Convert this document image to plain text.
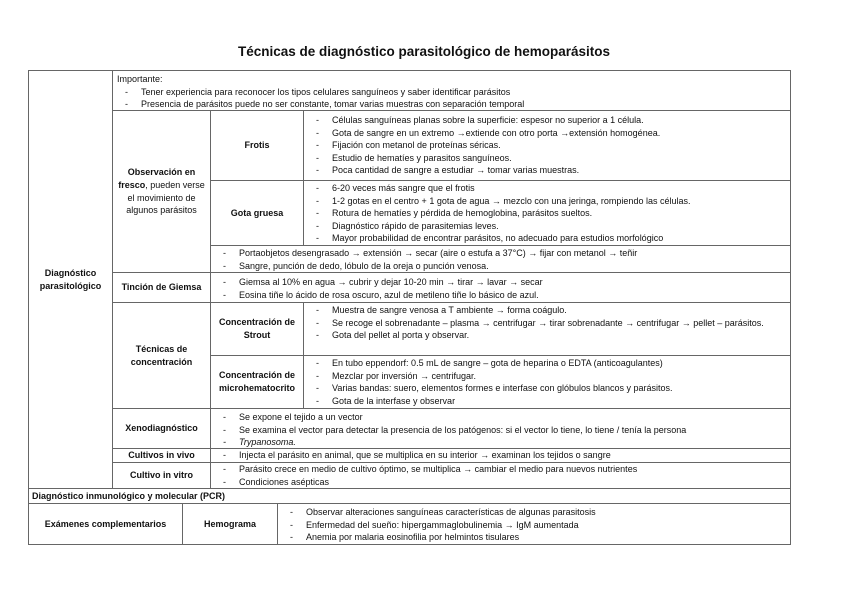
Técnicas de diagnóstico parasitológico de hemoparásitos
Diagnóstico parasitológico
Importante:
- Tener experiencia para reconocer los tipos celulares sanguíneos y saber identificar parásitos
- Presencia de parásitos puede no ser constante, tomar varias muestras con separación temporal
Observación en fresco, pueden verse el movimiento de algunos parásitos
Frotis
- Células sanguíneas planas sobre la superficie: espesor no superior a 1 célula.
- Gota de sangre en un extremo →extiende con otro porta →extensión homogénea.
- Fijación con metanol de proteínas séricas.
- Estudio de hematíes y parasitos sanguíneos.
- Poca cantidad de sangre a estudiar → tomar varias muestras.
Gota gruesa
- 6-20 veces más sangre que el frotis
- 1-2 gotas en el centro + 1 gota de agua → mezclo con una jeringa, rompiendo las células.
- Rotura de hematíes y pérdida de hemoglobina, parásitos sueltos.
- Diagnóstico rápido de parasitemias leves.
- Mayor probabilidad de encontrar parásitos, no adecuado para estudios morfológico
- Portaobjetos desengrasado → extensión → secar (aire o estufa a 37°C) → fijar con metanol → teñir
- Sangre, punción de dedo, lóbulo de la oreja o punción venosa.
Tinción de Giemsa
- Giemsa al 10% en agua → cubrir y dejar 10-20 min → tirar → lavar → secar
- Eosina tiñe lo ácido de rosa oscuro, azul de metileno tiñe lo básico de azul.
Técnicas de concentración
Concentración de Strout
- Muestra de sangre venosa a T ambiente → forma coágulo.
- Se recoge el sobrenadante – plasma → centrifugar → tirar sobrenadante → centrifugar → pellet – parásitos.
- Gota del pellet al porta y observar.
Concentración de microhematocrito
- En tubo eppendorf: 0.5 mL de sangre – gota de heparina o EDTA (anticoagulantes)
- Mezclar por inversión → centrifugar.
- Varias bandas: suero, elementos formes e interfase con glóbulos blancos y parásitos.
- Gota de la interfase y observar
Xenodiagnóstico
- Se expone el tejido a un vector
- Se examina el vector para detectar la presencia de los patógenos: si el vector lo tiene, lo tiene / tenía la persona
- Trypanosoma.
Cultivos in vivo	- Injecta el parásito en animal, que se multiplica en su interior → examinan los tejidos o sangre
Cultivo in vitro
- Parásito crece en medio de cultivo óptimo, se multiplica → cambiar el medio para nuevos nutrientes
- Condiciones asépticas
Diagnóstico inmunológico y molecular (PCR)
Exámenes complementarios	Hemograma
- Observar alteraciones sanguíneas características de algunas parasitosis
- Enfermedad del sueño: hipergammaglobulinemia → IgM aumentada
- Anemia por malaria eosinofilia por helmintos tisulares
